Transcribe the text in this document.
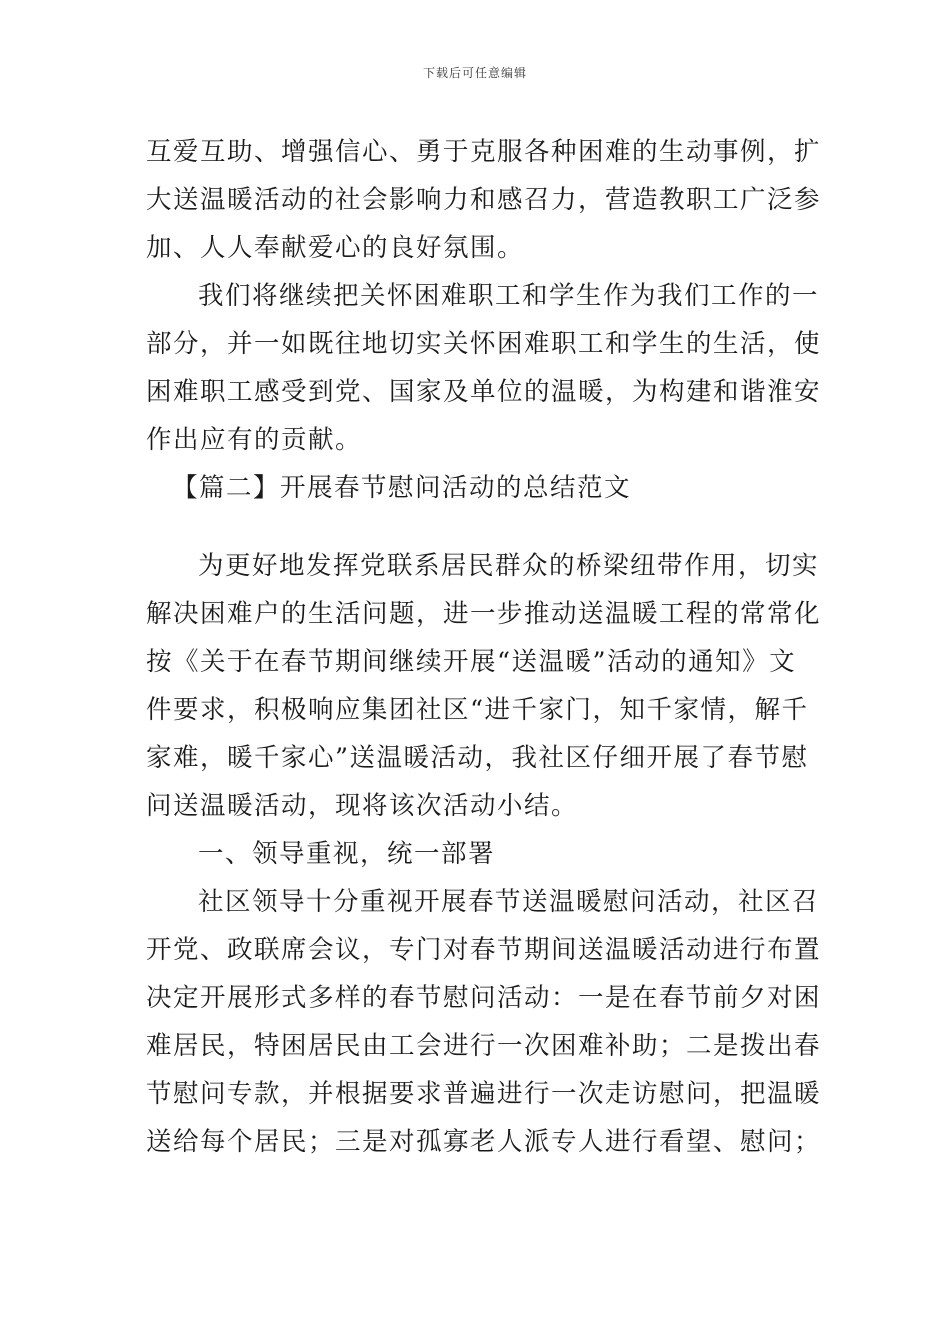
下载后可任意编辑
互爱互助、增强信心、勇于克服各种困难的生动事例，扩
大送温暖活动的社会影响力和感召力，营造教职工广泛参
加、人人奉献爱心的良好氛围。
我们将继续把关怀困难职工和学生作为我们工作的一
部分，并一如既往地切实关怀困难职工和学生的生活，使
困难职工感受到党、国家及单位的温暖，为构建和谐淮安
作出应有的贡献。
【篇二】开展春节慰问活动的总结范文
为更好地发挥党联系居民群众的桥梁纽带作用，切实
解决困难户的生活问题，进一步推动送温暖工程的常常化
按《关于在春节期间继续开展“送温暖”活动的通知》文
件要求，积极响应集团社区“进千家门，知千家情，解千
家难，暖千家心”送温暖活动，我社区仔细开展了春节慰
问送温暖活动，现将该次活动小结。
一、领导重视，统一部署
社区领导十分重视开展春节送温暖慰问活动，社区召
开党、政联席会议，专门对春节期间送温暖活动进行布置
决定开展形式多样的春节慰问活动：一是在春节前夕对困
难居民，特困居民由工会进行一次困难补助；二是拨出春
节慰问专款，并根据要求普遍进行一次走访慰问，把温暖
送给每个居民；三是对孤寡老人派专人进行看望、慰问；
